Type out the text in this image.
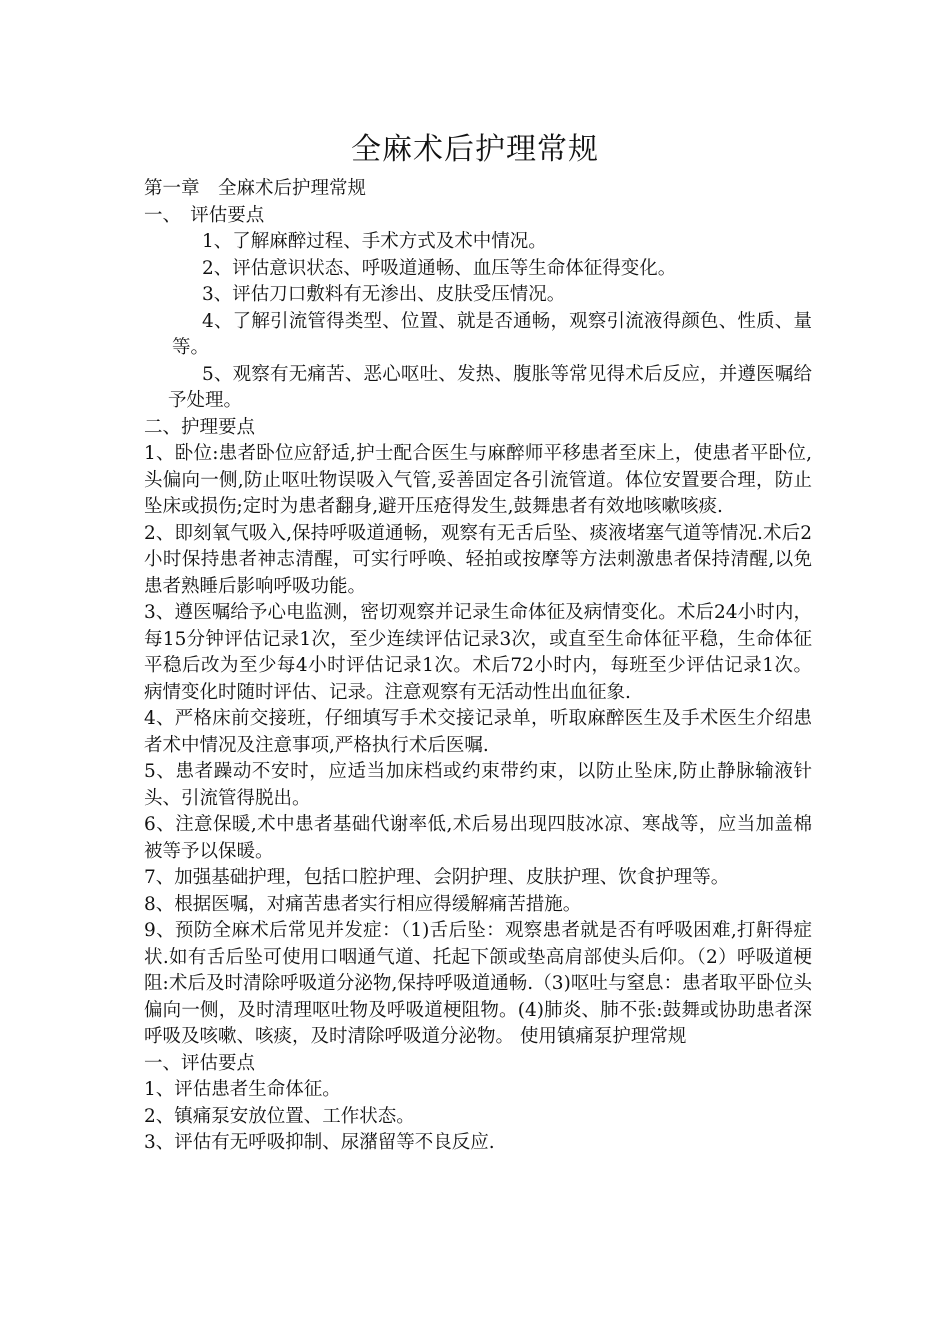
全麻术后护理常规

第一章　全麻术后护理常规

一、　评估要点

1、了解麻醉过程、手术方式及术中情况。

2、评估意识状态、呼吸道通畅、血压等生命体征得变化。

3、评估刀口敷料有无渗出、皮肤受压情况。

4、了解引流管得类型、位置、就是否通畅，观察引流液得颜色、性质、量等。

5、观察有无痛苦、恶心呕吐、发热、腹胀等常见得术后反应，并遵医嘱给　予处理。

二、护理要点

1、卧位:患者卧位应舒适,护士配合医生与麻醉师平移患者至床上，使患者平卧位,头偏向一侧,防止呕吐物误吸入气管,妥善固定各引流管道。体位安置要合理，防止坠床或损伤;定时为患者翻身,避开压疮得发生,鼓舞患者有效地咳嗽咳痰.

2、即刻氧气吸入,保持呼吸道通畅，观察有无舌后坠、痰液堵塞气道等情况.术后2小时保持患者神志清醒，可实行呼唤、轻拍或按摩等方法刺激患者保持清醒,以免患者熟睡后影响呼吸功能。

3、遵医嘱给予心电监测，密切观察并记录生命体征及病情变化。术后24小时内，每15分钟评估记录1次，至少连续评估记录3次，或直至生命体征平稳，生命体征平稳后改为至少每4小时评估记录1次。术后72小时内，每班至少评估记录1次。病情变化时随时评估、记录。注意观察有无活动性出血征象.

4、严格床前交接班，仔细填写手术交接记录单，听取麻醉医生及手术医生介绍患者术中情况及注意事项,严格执行术后医嘱.

5、患者躁动不安时，应适当加床档或约束带约束，以防止坠床,防止静脉输液针头、引流管得脱出。

6、注意保暖,术中患者基础代谢率低,术后易出现四肢冰凉、寒战等，应当加盖棉被等予以保暖。

7、加强基础护理，包括口腔护理、会阴护理、皮肤护理、饮食护理等。

8、根据医嘱，对痛苦患者实行相应得缓解痛苦措施。

9、预防全麻术后常见并发症：（1)舌后坠：观察患者就是否有呼吸困难,打鼾得症状.如有舌后坠可使用口咽通气道、托起下颌或垫高肩部使头后仰。（2）呼吸道梗阻:术后及时清除呼吸道分泌物,保持呼吸道通畅.（3)呕吐与窒息：患者取平卧位头偏向一侧，及时清理呕吐物及呼吸道梗阻物。(4)肺炎、肺不张:鼓舞或协助患者深呼吸及咳嗽、咳痰，及时清除呼吸道分泌物。 使用镇痛泵护理常规

一、评估要点

1、评估患者生命体征。

2、镇痛泵安放位置、工作状态。

3、评估有无呼吸抑制、尿潴留等不良反应.
